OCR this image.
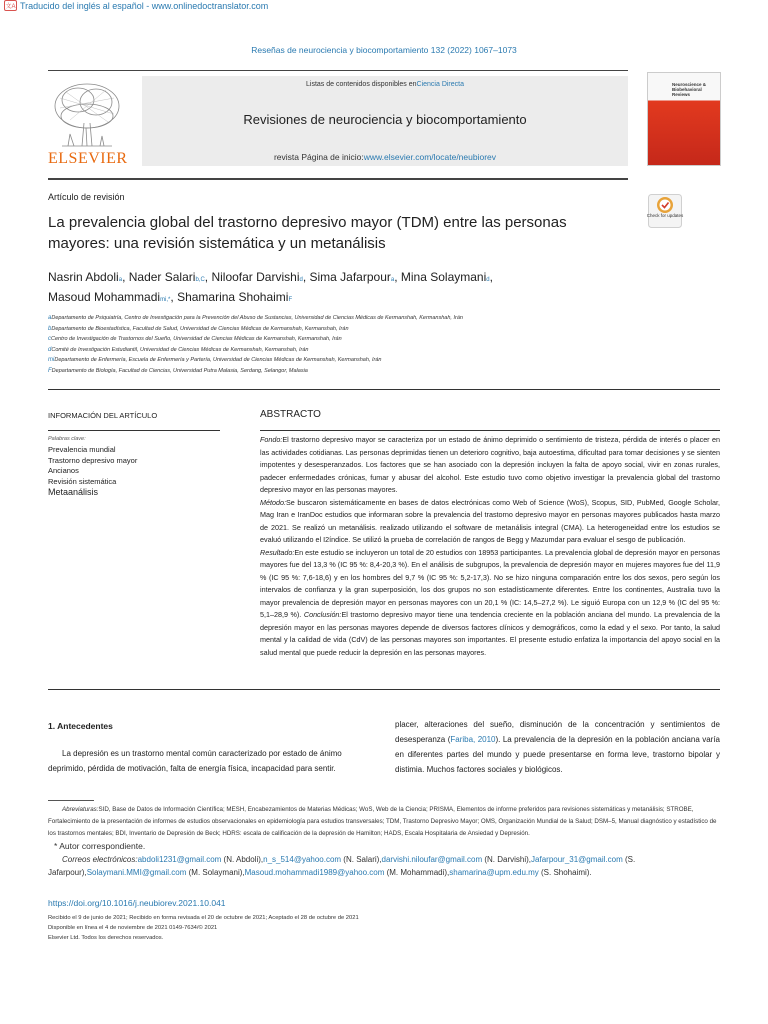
文A Traducido del inglés al español - www.onlinedoctranslator.com
Reseñas de neurociencia y biocomportamiento 132 (2022) 1067–1073
ELSEVIER
Listas de contenidos disponibles enCiencia Directa
Revisiones de neurociencia y biocomportamiento
revista Página de inicio:www.elsevier.com/locate/neubiorev
Neuroscience & Biobehavioral Reviews
Artículo de revisión
Check for updates
La prevalencia global del trastorno depresivo mayor (TDM) entre las personas mayores: una revisión sistemática y un metanálisis
Nasrin Abdolia, Nader Salarib,C, Niloofar Darvishid, Sima Jafarpoura, Mina Solaymanid,
Masoud Mohammadimi,*, Shamarina ShohaimiF
aDepartamento de Psiquiatría, Centro de Investigación para la Prevención del Abuso de Sustancias, Universidad de Ciencias Médicas de Kermanshah, Kermanshah, Irán
bDepartamento de Bioestadística, Facultad de Salud, Universidad de Ciencias Médicas de Kermanshah, Kermanshah, Irán
cCentro de Investigación de Trastornos del Sueño, Universidad de Ciencias Médicas de Kermanshah, Kermanshah, Irán
dComité de Investigación Estudiantil, Universidad de Ciencias Médicas de Kermanshah, Kermanshah, Irán
miDepartamento de Enfermería, Escuela de Enfermería y Partería, Universidad de Ciencias Médicas de Kermanshah, Kermanshah, Irán
FDepartamento de Biología, Facultad de Ciencias, Universidad Putra Malasia, Serdang, Selangor, Malasia
INFORMACIÓN DEL ARTÍCULO
Palabras clave:
Prevalencia mundial
Trastorno depresivo mayor
Ancianos
Revisión sistemática
Metaanálisis
ABSTRACTO

Fondo:El trastorno depresivo mayor se caracteriza por un estado de ánimo deprimido o sentimiento de tristeza, pérdida de interés o placer en las actividades cotidianas. Las personas deprimidas tienen un deterioro cognitivo, baja autoestima, dificultad para tomar decisiones y se sienten impotentes y desesperanzados. Los factores que se han asociado con la depresión incluyen la falta de apoyo social, vivir en zonas rurales, padecer enfermedades crónicas, fumar y abusar del alcohol. Este estudio tuvo como objetivo investigar la prevalencia global del trastorno depresivo mayor en las personas mayores.

Método:Se buscaron sistemáticamente en bases de datos electrónicas como Web of Science (WoS), Scopus, SID, PubMed, Google Scholar, Mag Iran e IranDoc estudios que informaran sobre la prevalencia del trastorno depresivo mayor en personas mayores publicados hasta marzo de 2021. Se realizó un metanálisis. realizado utilizando el software de metanálisis integral (CMA). La heterogeneidad entre los estudios se evaluó utilizando el I2índice. Se utilizó la prueba de correlación de rangos de Begg y Mazumdar para evaluar el sesgo de publicación.

Resultado:En este estudio se incluyeron un total de 20 estudios con 18953 participantes. La prevalencia global de depresión mayor en personas mayores fue del 13,3 % (IC 95 %: 8,4-20,3 %). En el análisis de subgrupos, la prevalencia de depresión mayor en mujeres mayores fue del 11,9 % (IC 95 %: 7,6-18,6) y en los hombres del 9,7 % (IC 95 %: 5,2-17,3). No se hizo ninguna comparación entre los dos sexos, pero según los intervalos de confianza y la gran superposición, los dos grupos no son estadísticamente diferentes. Entre los continentes, Australia tuvo la mayor prevalencia de depresión mayor en personas mayores con un 20,1 % (IC: 14,5–27,2 %). Le siguió Europa con un 12,9 % (IC del 95 %: 5,1–28,9 %). Conclusión:El trastorno depresivo mayor tiene una tendencia creciente en la población anciana del mundo. La prevalencia de la depresión mayor en las personas mayores depende de diversos factores clínicos y demográficos, como la edad y el sexo. Por tanto, la salud mental y la calidad de vida (CdV) de las personas mayores son importantes. El presente estudio enfatiza la importancia del apoyo social en la salud mental que puede reducir la depresión en las personas mayores.

1. Antecedentes
La depresión es un trastorno mental común caracterizado por estado de ánimo deprimido, pérdida de motivación, falta de energía física, incapacidad para sentir.
placer, alteraciones del sueño, disminución de la concentración y sentimientos de desesperanza (Fariba, 2010). La prevalencia de la depresión en la población anciana varía en diferentes partes del mundo y puede presentarse en forma leve, trastorno bipolar y distimia. Muchos factores sociales y biológicos.

Abreviaturas:SID, Base de Datos de Información Científica; MESH, Encabezamientos de Materias Médicas; WoS, Web de la Ciencia; PRISMA, Elementos de informe preferidos para revisiones sistemáticas y metanálisis; STROBE, Fortalecimiento de la presentación de informes de estudios observacionales en epidemiología para estudios transversales; TDM, Trastorno Depresivo Mayor; OMS, Organización Mundial de la Salud; DSM–5, Manual diagnóstico y estadístico de los trastornos mentales; BDI, Inventario de Depresión de Beck; HDRS: escala de calificación de la depresión de Hamilton; HADS, Escala Hospitalaria de Ansiedad y Depresión.

* Autor correspondiente.

Correos electrónicos:abdoli1231@gmail.com (N. Abdoli),n_s_514@yahoo.com (N. Salari),darvishi.niloufar@gmail.com (N. Darvishi),Jafarpour_31@gmail.com (S. Jafarpour),Solaymani.MMI@gmail.com (M. Solaymani),Masoud.mohammadi1989@yahoo.com (M. Mohammadi),shamarina@upm.edu.my (S. Shohaimi).

https://doi.org/10.1016/j.neubiorev.2021.10.041

Recibido el 9 de junio de 2021; Recibido en forma revisada el 20 de octubre de 2021; Aceptado el 28 de octubre de 2021

Disponible en línea el 4 de noviembre de 2021 0149-7634/© 2021

Elsevier Ltd. Todos los derechos reservados.
